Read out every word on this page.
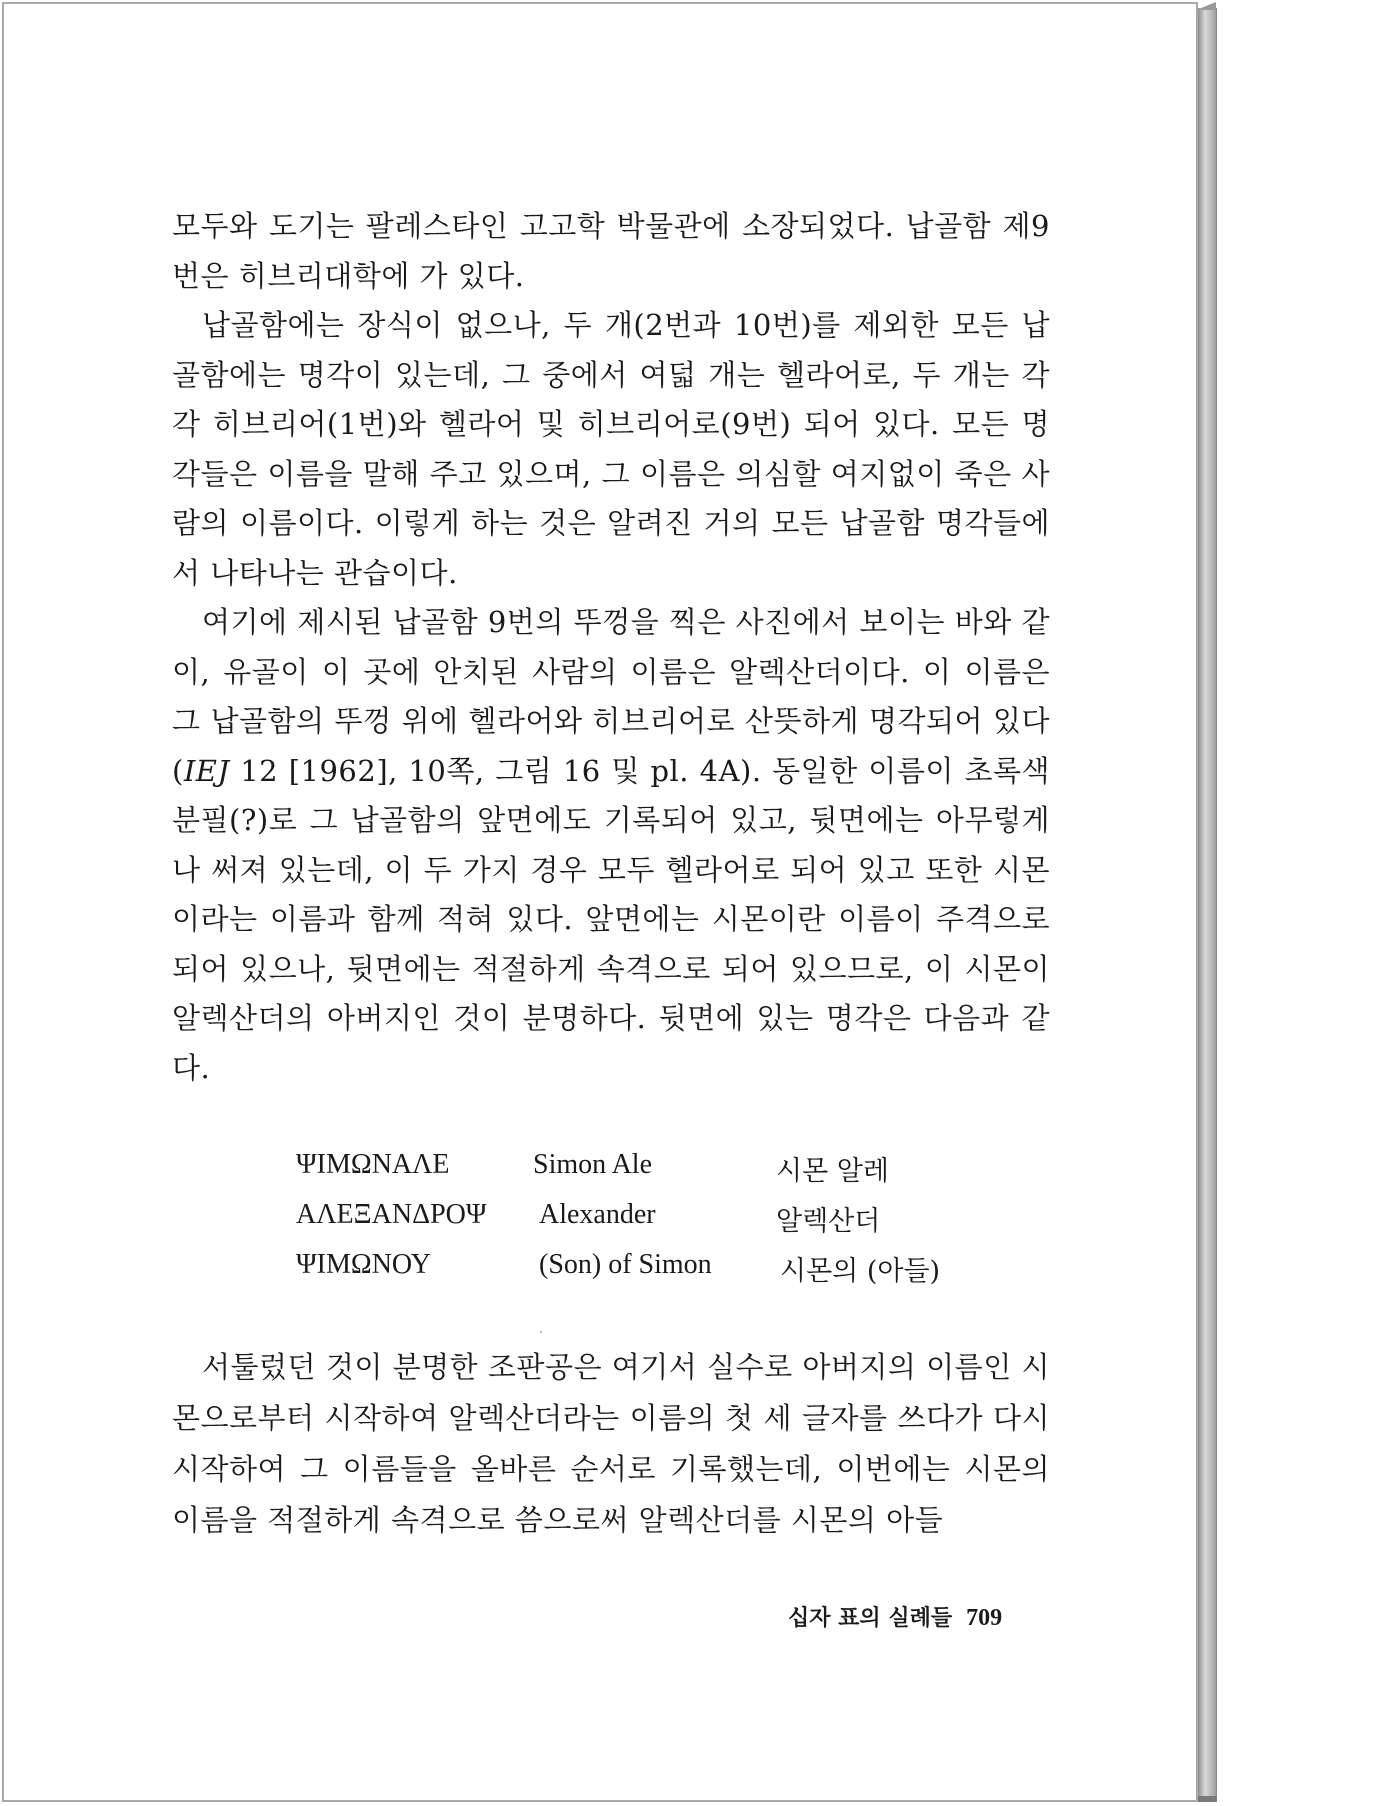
모두와 도기는 팔레스타인 고고학 박물관에 소장되었다. 납골함 제9번은 히브리대학에 가 있다.

납골함에는 장식이 없으나, 두 개(2번과 10번)를 제외한 모든 납골함에는 명각이 있는데, 그 중에서 여덟 개는 헬라어로, 두 개는 각각 히브리어(1번)와 헬라어 및 히브리어로(9번) 되어 있다. 모든 명각들은 이름을 말해 주고 있으며, 그 이름은 의심할 여지없이 죽은 사람의 이름이다. 이렇게 하는 것은 알려진 거의 모든 납골함 명각들에서 나타나는 관습이다.

여기에 제시된 납골함 9번의 뚜껑을 찍은 사진에서 보이는 바와 같이, 유골이 이 곳에 안치된 사람의 이름은 알렉산더이다. 이 이름은 그 납골함의 뚜껑 위에 헬라어와 히브리어로 산뜻하게 명각되어 있다(IEJ 12 [1962], 10쪽, 그림 16 및 pl. 4A). 동일한 이름이 초록색 분필(?)로 그 납골함의 앞면에도 기록되어 있고, 뒷면에는 아무렇게나 써져 있는데, 이 두 가지 경우 모두 헬라어로 되어 있고 또한 시몬이라는 이름과 함께 적혀 있다. 앞면에는 시몬이란 이름이 주격으로 되어 있으나, 뒷면에는 적절하게 속격으로 되어 있으므로, 이 시몬이 알렉산더의 아버지인 것이 분명하다. 뒷면에 있는 명각은 다음과 같다.

ΨΙΜΩΝΑΛΕ	Simon Ale	시몬 알레
ΑΛΕΞΑΝΔΡΟΨ Alexander	알렉산더
ΨΙΜΩΝΟΥ	(Son) of Simon	시몬의 (아들)

서툴렀던 것이 분명한 조판공은 여기서 실수로 아버지의 이름인 시몬으로부터 시작하여 알렉산더라는 이름의 첫 세 글자를 쓰다가 다시 시작하여 그 이름들을 올바른 순서로 기록했는데, 이번에는 시몬의 이름을 적절하게 속격으로 씀으로써 알렉산더를 시몬의 아들

십자 표의 실례들 709
